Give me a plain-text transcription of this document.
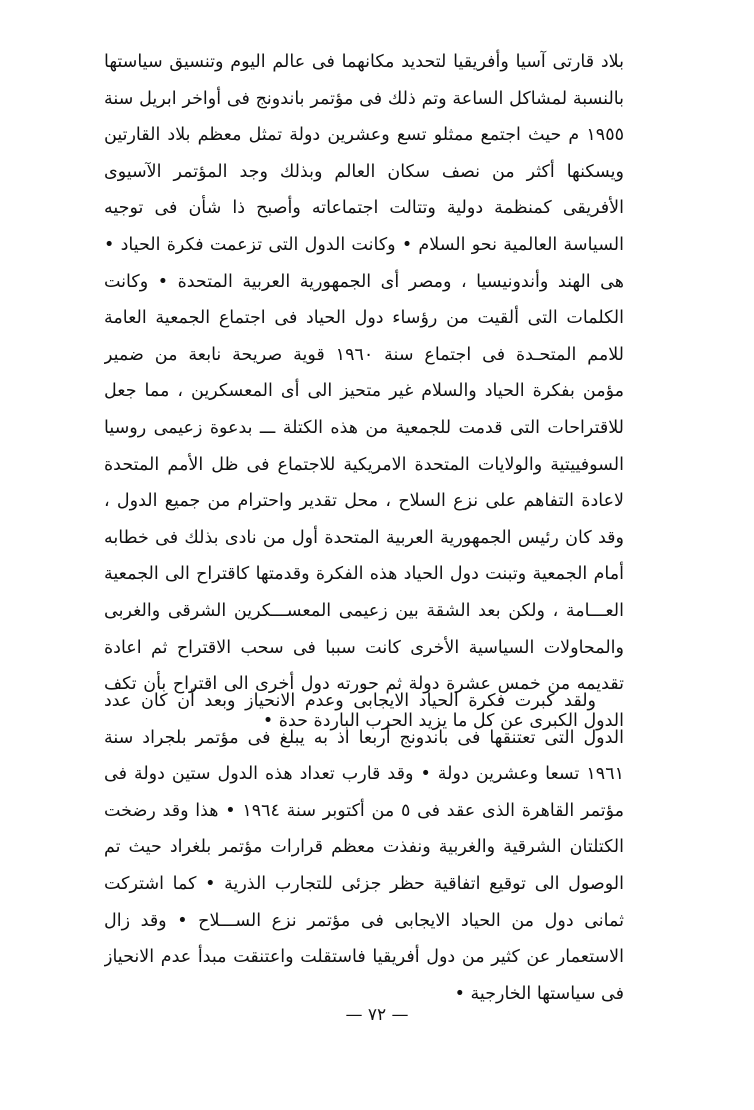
بلاد قارتى آسيا وأفريقيا لتحديد مكانهما فى عالم اليوم وتنسيق سياستها
بالنسبة لمشاكل الساعة وتم ذلك فى مؤتمر باندونج فى أواخر ابريل سنة
١٩٥٥ م حيث اجتمع ممثلو تسع وعشرين دولة تمثل معظم بلاد القارتين
ويسكنها أكثر من نصف سكان العالم وبذلك وجد المؤتمر الآسيوى
الأفريقى كمنظمة دولية وتتالت اجتماعاته وأصبح ذا شأن فى توجيه
السياسة العالمية نحو السلام • وكانت الدول التى تزعمت فكرة الحياد •
هى الهند وأندونيسيا ، ومصر أى الجمهورية العربية المتحدة • وكانت
الكلمات التى ألقيت من رؤساء دول الحياد فى اجتماع الجمعية العامة
للامم المتحـدة فى اجتماع سنة ١٩٦٠ قوية صريحة نابعة من ضمير
مؤمن بفكرة الحياد والسلام غير متحيز الى أى المعسكرين ، مما جعل
للاقتراحات التى قدمت للجمعية من هذه الكتلة ـــ بدعوة زعيمى روسيا
السوفييتية والولايات المتحدة الامريكية للاجتماع فى ظل الأمم المتحدة
لاعادة التفاهم على نزع السلاح ، محل تقدير واحترام من جميع الدول ،
وقد كان رئيس الجمهورية العربية المتحدة أول من نادى بذلك فى خطابه
أمام الجمعية وتبنت دول الحياد هذه الفكرة وقدمتها كاقتراح الى الجمعية
العـــامة ، ولكن بعد الشقة بين زعيمى المعســـكرين الشرقى والغربى
والمحاولات السياسية الأخرى كانت سببا فى سحب الاقتراح ثم اعادة
تقديمه من خمس عشرة دولة ثم حورته دول أخرى الى اقتراح بأن تكف
الدول الكبرى عن كل ما يزيد الحرب الباردة حدة •
ولقد كبرت فكرة الحياد الايجابى وعدم الانحياز وبعد أن كان عدد
الدول التى تعتنقها فى باندونج أربعا اذ به يبلغ فى مؤتمر بلجراد سنة
١٩٦١ تسعا وعشرين دولة • وقد قارب تعداد هذه الدول ستين دولة فى
مؤتمر القاهرة الذى عقد فى ٥ من أكتوبر سنة ١٩٦٤ • هذا وقد رضخت
الكتلتان الشرقية والغربية ونفذت معظم قرارات مؤتمر بلغراد حيث تم
الوصول الى توقيع اتفاقية حظر جزئى للتجارب الذرية • كما اشتركت
ثمانى دول من الحياد الايجابى فى مؤتمر نزع الســـلاح • وقد زال
الاستعمار عن كثير من دول أفريقيا فاستقلت واعتنقت مبدأ عدم الانحياز
فى سياستها الخارجية •
— ٧٢ —
